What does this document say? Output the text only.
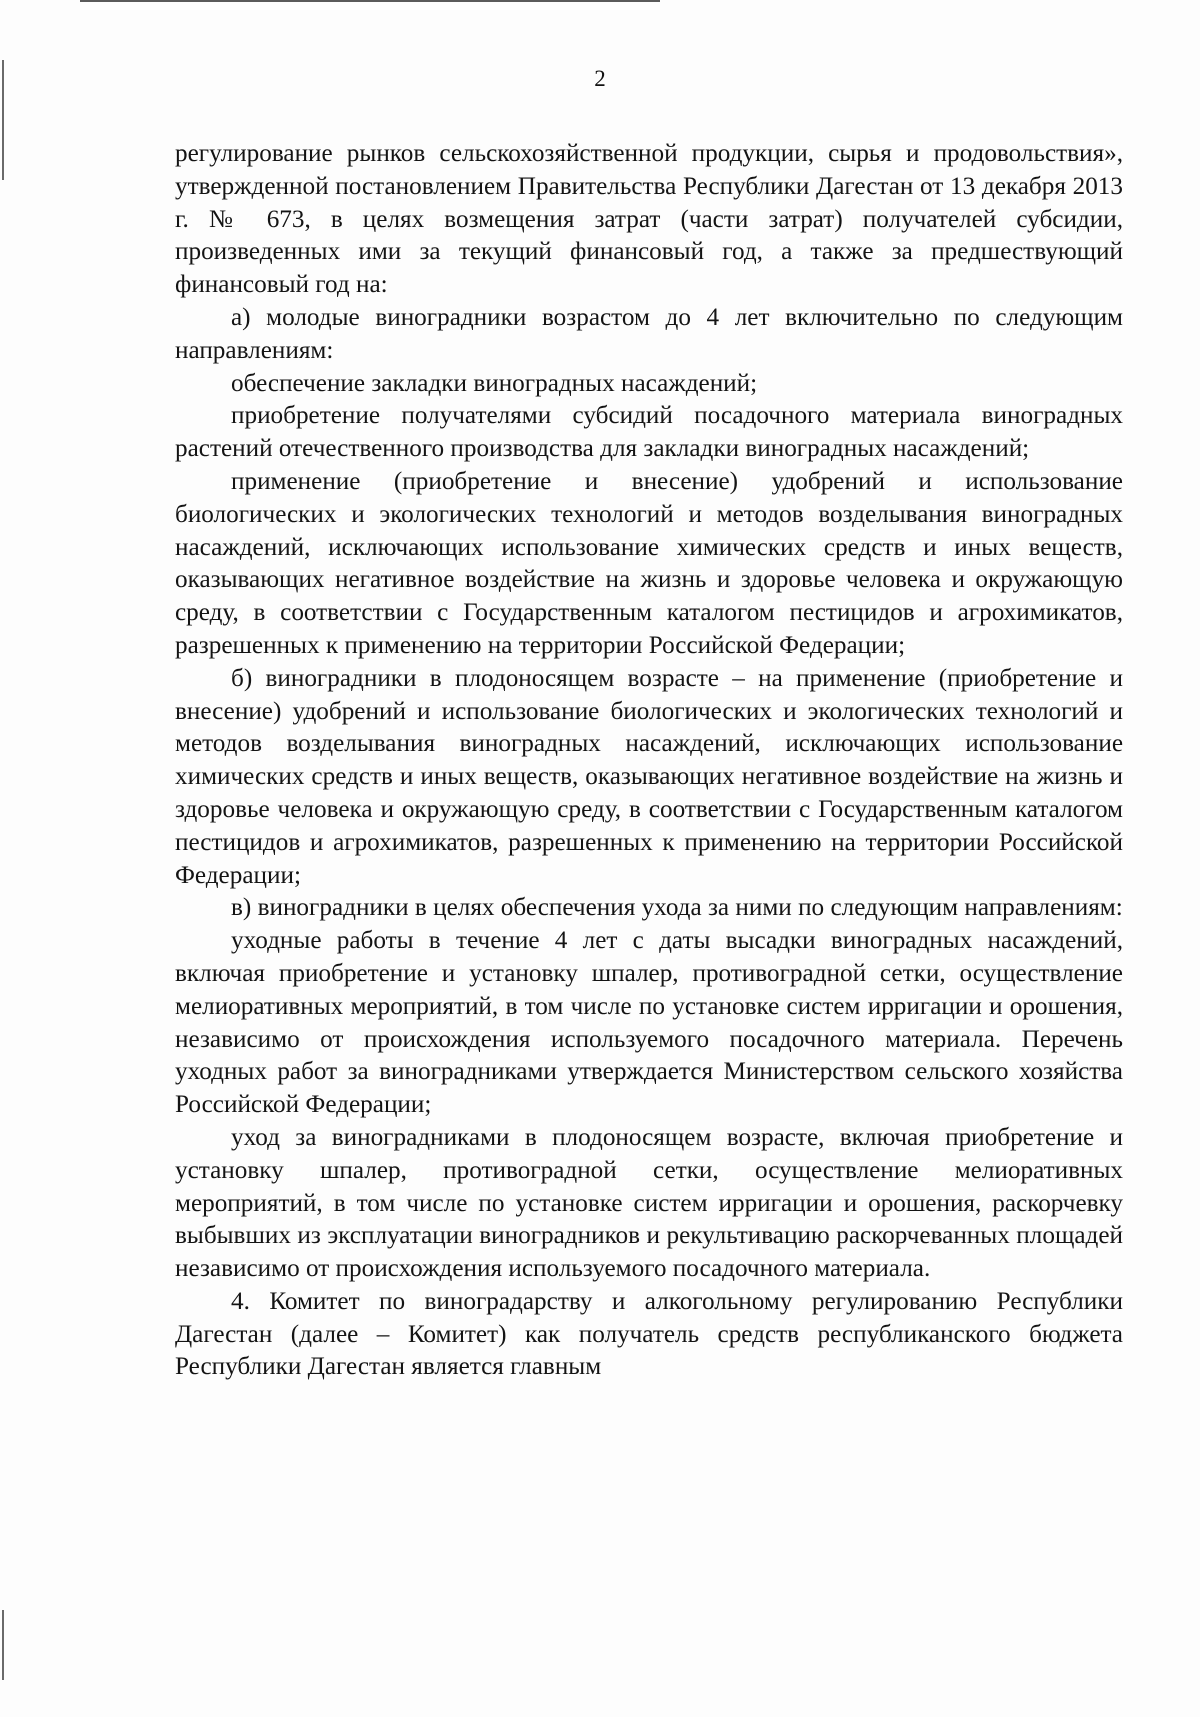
2

регулирование рынков сельскохозяйственной продукции, сырья и продовольствия», утвержденной постановлением Правительства Республики Дагестан от 13 декабря 2013 г. № 673, в целях возмещения затрат (части затрат) получателей субсидии, произведенных ими за текущий финансовый год, а также за предшествующий финансовый год на:

а) молодые виноградники возрастом до 4 лет включительно по следующим направлениям:

обеспечение закладки виноградных насаждений;

приобретение получателями субсидий посадочного материала виноградных растений отечественного производства для закладки виноградных насаждений;

применение (приобретение и внесение) удобрений и использование биологических и экологических технологий и методов возделывания виноградных насаждений, исключающих использование химических средств и иных веществ, оказывающих негативное воздействие на жизнь и здоровье человека и окружающую среду, в соответствии с Государственным каталогом пестицидов и агрохимикатов, разрешенных к применению на территории Российской Федерации;

б) виноградники в плодоносящем возрасте – на применение (приобретение и внесение) удобрений и использование биологических и экологических технологий и методов возделывания виноградных насаждений, исключающих использование химических средств и иных веществ, оказывающих негативное воздействие на жизнь и здоровье человека и окружающую среду, в соответствии с Государственным каталогом пестицидов и агрохимикатов, разрешенных к применению на территории Российской Федерации;

в) виноградники в целях обеспечения ухода за ними по следующим направлениям:

уходные работы в течение 4 лет с даты высадки виноградных насаждений, включая приобретение и установку шпалер, противоградной сетки, осуществление мелиоративных мероприятий, в том числе по установке систем ирригации и орошения, независимо от происхождения используемого посадочного материала. Перечень уходных работ за виноградниками утверждается Министерством сельского хозяйства Российской Федерации;

уход за виноградниками в плодоносящем возрасте, включая приобретение и установку шпалер, противоградной сетки, осуществление мелиоративных мероприятий, в том числе по установке систем ирригации и орошения, раскорчевку выбывших из эксплуатации виноградников и рекультивацию раскорчеванных площадей независимо от происхождения используемого посадочного материала.

4. Комитет по виноградарству и алкогольному регулированию Республики Дагестан (далее – Комитет) как получатель средств республиканского бюджета Республики Дагестан является главным
